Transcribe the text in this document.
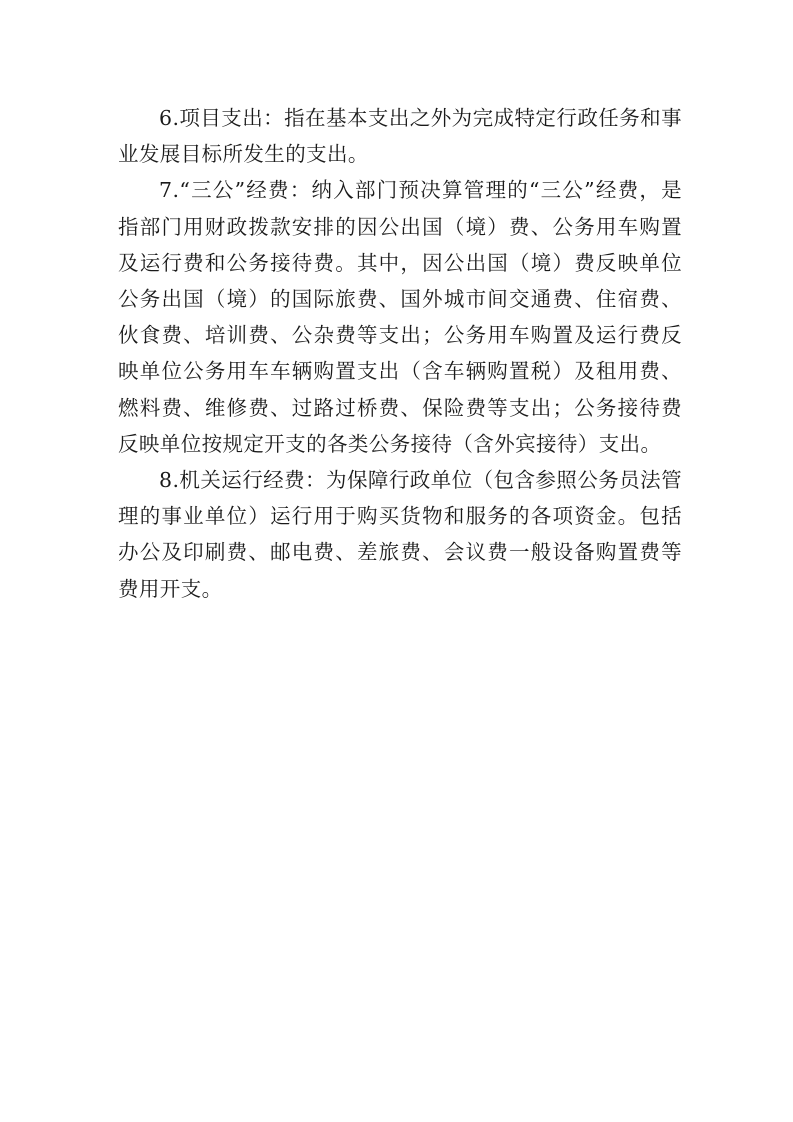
6.项目支出：指在基本支出之外为完成特定行政任务和事业发展目标所发生的支出。

7.“三公”经费：纳入部门预决算管理的“三公”经费，是指部门用财政拨款安排的因公出国（境）费、公务用车购置及运行费和公务接待费。其中，因公出国（境）费反映单位公务出国（境）的国际旅费、国外城市间交通费、住宿费、伙食费、培训费、公杂费等支出；公务用车购置及运行费反映单位公务用车车辆购置支出（含车辆购置税）及租用费、燃料费、维修费、过路过桥费、保险费等支出；公务接待费反映单位按规定开支的各类公务接待（含外宾接待）支出。

8.机关运行经费：为保障行政单位（包含参照公务员法管理的事业单位）运行用于购买货物和服务的各项资金。包括办公及印刷费、邮电费、差旅费、会议费一般设备购置费等费用开支。
